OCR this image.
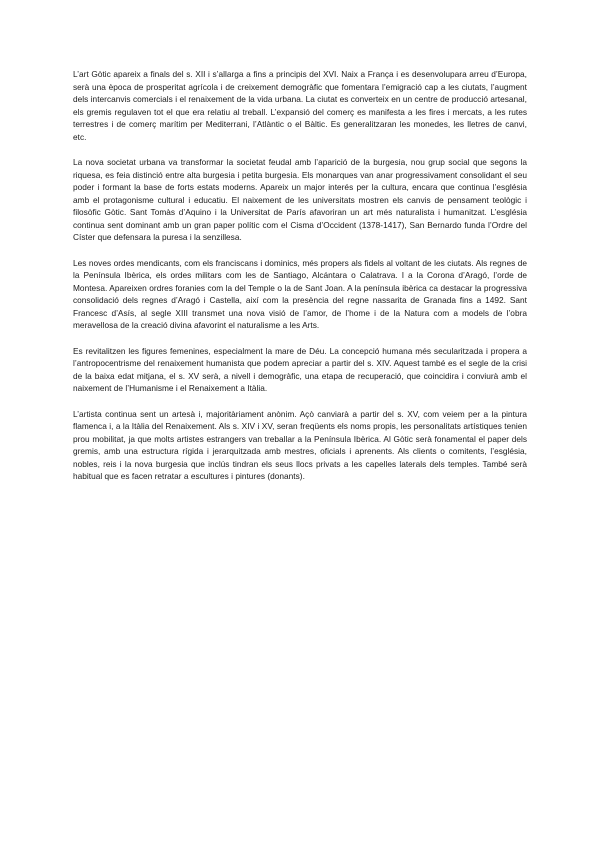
L’art Gòtic apareix a finals del s. XII i s’allarga a fins a principis del XVI. Naix a França i es desenvolupara arreu d’Europa, serà una època de prosperitat agrícola i de creixement demogràfic que fomentara l’emigració cap a les ciutats, l’augment dels intercanvis comercials i el renaixement de la vida urbana. La ciutat es converteix en un centre de producció artesanal, els gremis regulaven tot el que era relatiu al treball. L’expansió del comerç es manifesta a les fires i mercats, a les rutes terrestres i de comerç marítim per Mediterrani, l’Atlàntic o el Bàltic. Es generalitzaran les monedes, les lletres de canvi, etc.

La nova societat urbana va transformar la societat feudal amb l’aparició de la burgesia, nou grup social que segons la riquesa, es feia distinció entre alta burgesia i petita burgesia. Els monarques van anar progressivament consolidant el seu poder i formant la base de forts estats moderns. Apareix un major interés per la cultura, encara que continua l’església amb el protagonisme cultural i educatiu. El naixement de les universitats mostren els canvis de pensament teològic i filosòfic Gòtic. Sant Tomàs d’Aquino i la Universitat de París afavoriran un art més naturalista i humanitzat. L’església continua sent dominant amb un gran paper polític com el Cisma d’Occident (1378-1417), San Bernardo funda l’Ordre del Císter que defensara la puresa i la senzillesa.

Les noves ordes mendicants, com els franciscans i dominics, més propers als fidels al voltant de les ciutats. Als regnes de la Península Ibèrica, els ordes militars com les de Santiago, Alcántara o Calatrava. I a la Corona d’Aragó, l’orde de Montesa. Apareixen ordres foranies com la del Temple o la de Sant Joan. A la península ibèrica ca destacar la progressiva consolidació dels regnes d’Aragó i Castella, així com la presència del regne nassarita de Granada fins a 1492. Sant Francesc d’Asís, al segle XIII transmet una nova visió de l’amor, de l’home i de la Natura com a models de l’obra meravellosa de la creació divina afavorint el naturalisme a les Arts.

Es revitalitzen les figures femenines, especialment la mare de Déu. La concepció humana més secularitzada i propera a l’antropocentrisme del renaixement humanista que podem apreciar a partir del s. XIV. Aquest també es el segle de la crisi de la baixa edat mitjana, el s. XV serà, a nivell i demogràfic, una etapa de recuperació, que coincidira i conviurà amb el naixement de l’Humanisme i el Renaixement a Itàlia.

L’artista continua sent un artesà i, majoritàriament anònim. Açò canviarà a partir del s. XV, com veiem per a la pintura flamenca i, a la Itàlia del Renaixement. Als s. XIV i XV, seran freqüents els noms propis, les personalitats artístiques tenien prou mobilitat, ja que molts artistes estrangers van treballar a la Península Ibèrica. Al Gòtic serà fonamental el paper dels gremis, amb una estructura rígida i jerarquitzada amb mestres, oficials i aprenents. Als clients o comitents, l’església, nobles, reis i la nova burgesia que inclús tindran els seus llocs privats a les capelles laterals dels temples. També serà habitual que es facen retratar a escultures i pintures (donants).
